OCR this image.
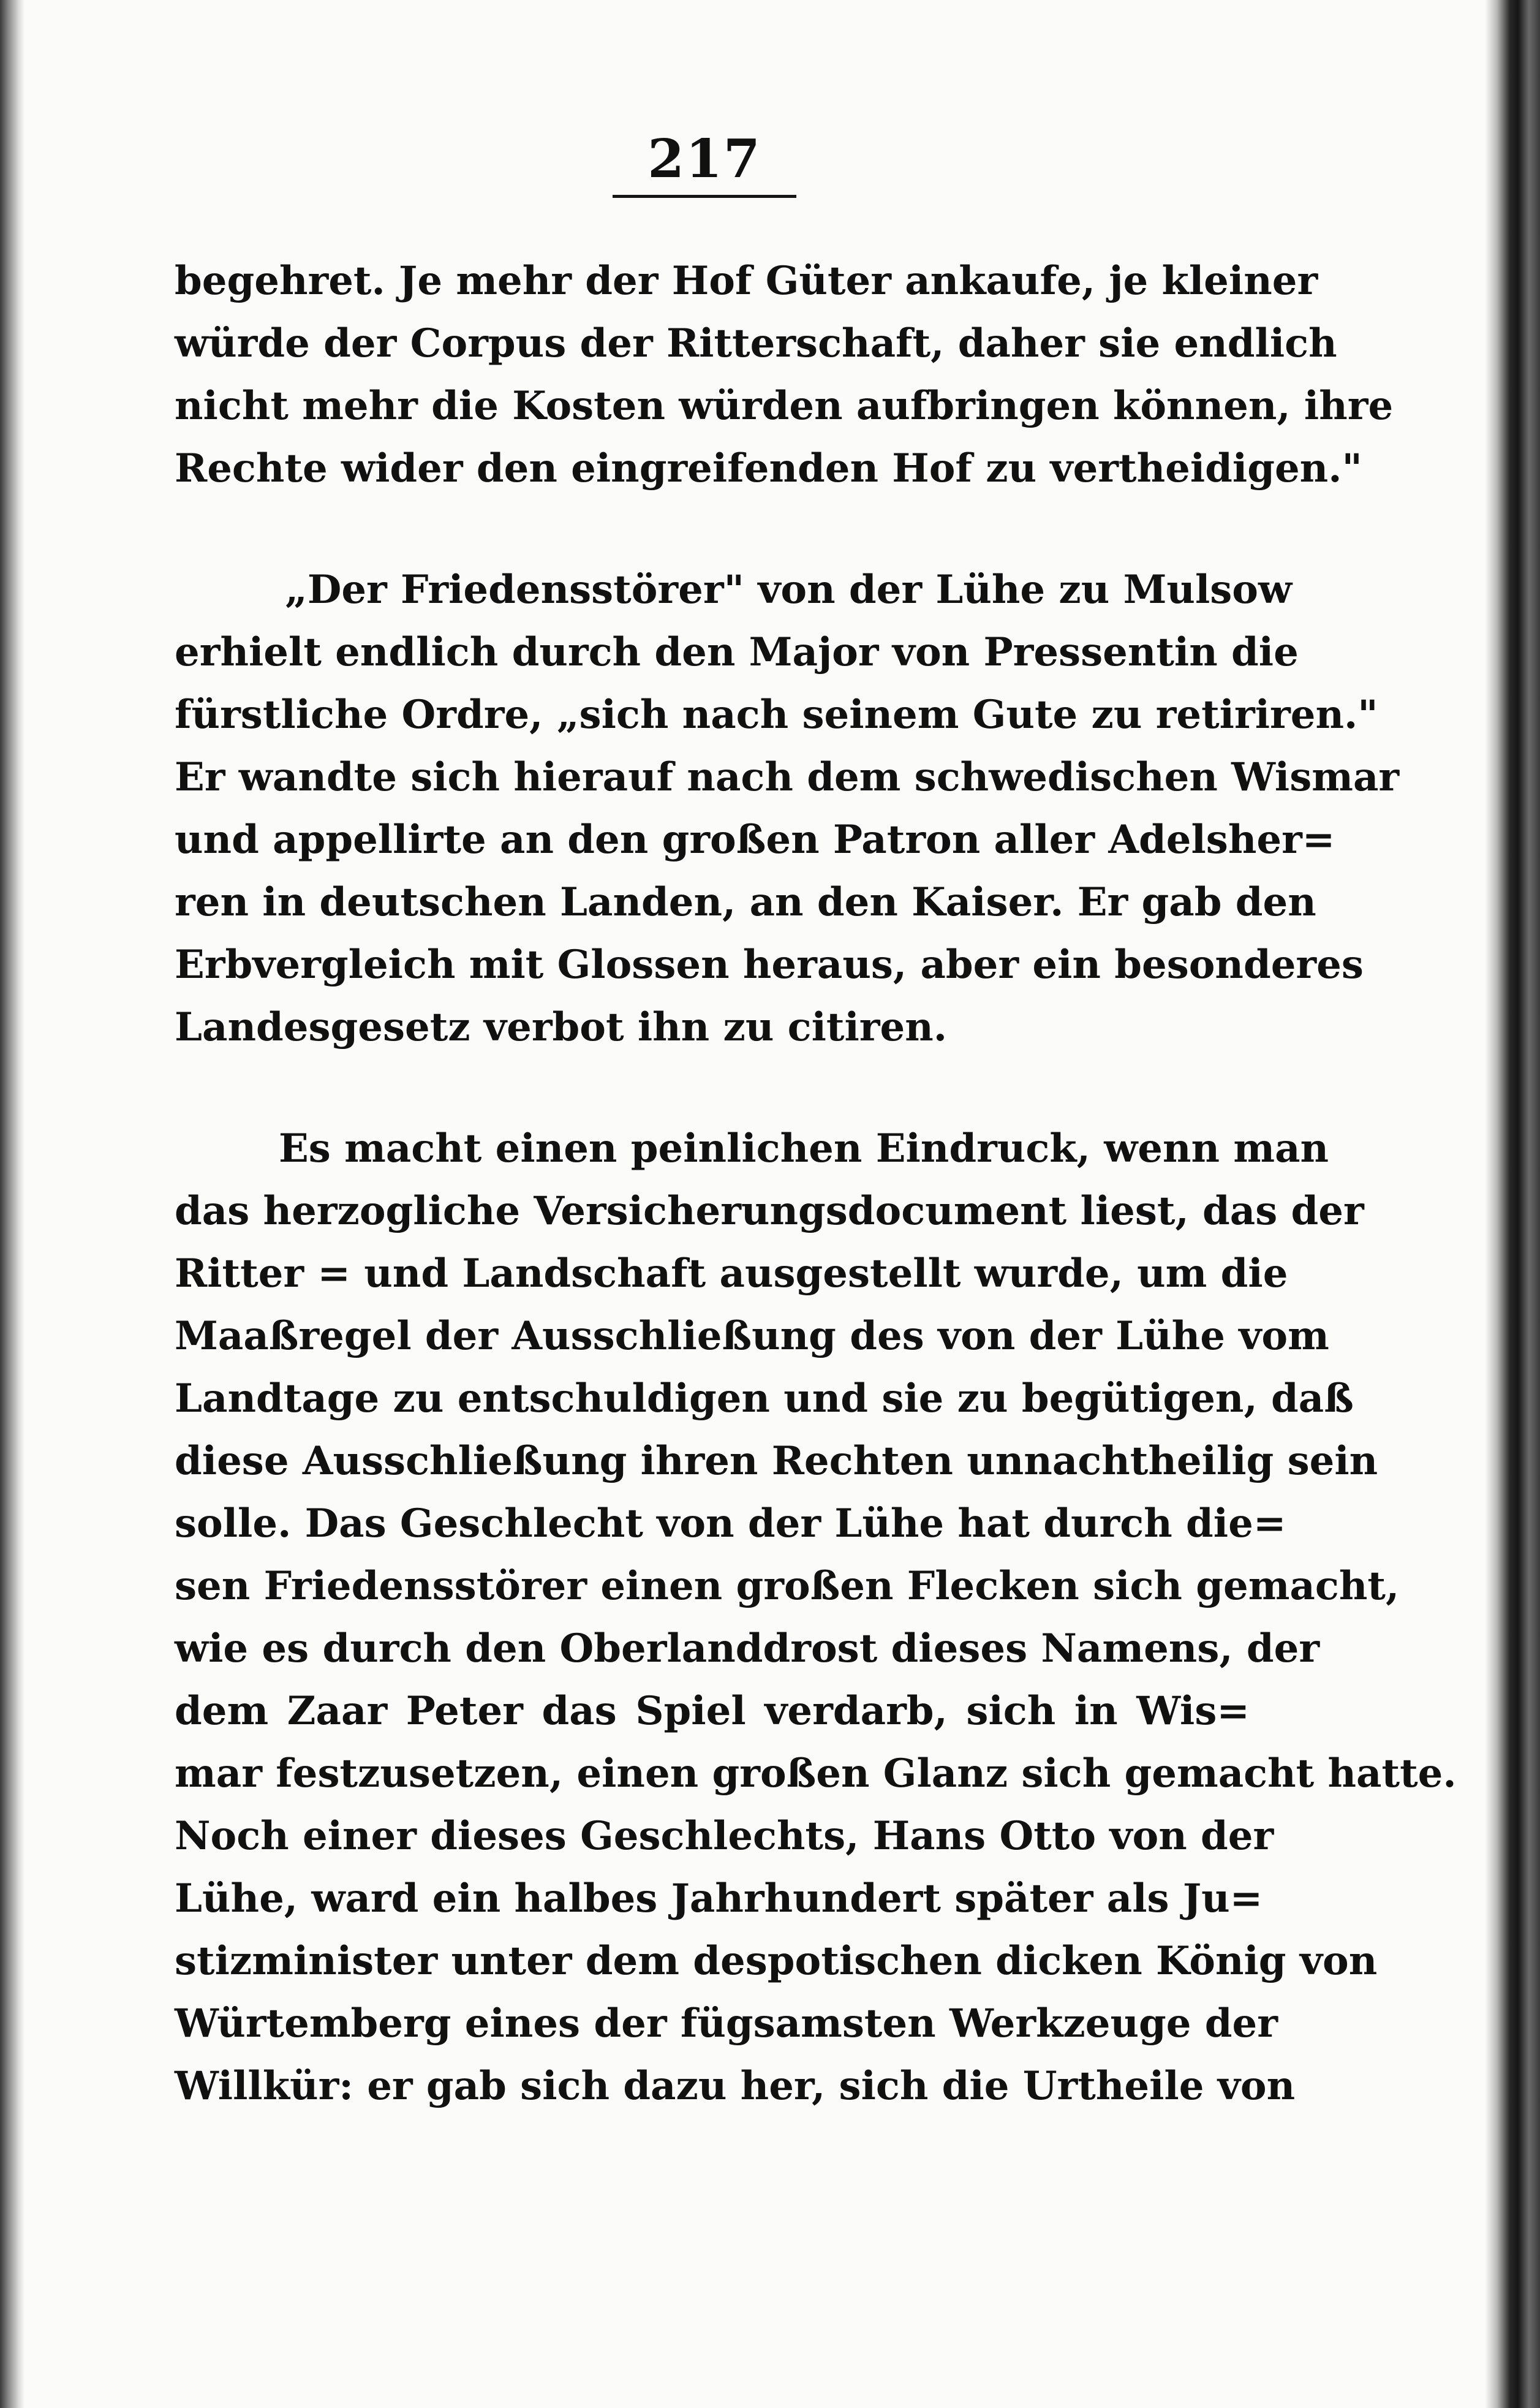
217

begehret. Je mehr der Hof Güter ankaufe, je kleiner
würde der Corpus der Ritterschaft, daher sie endlich
nicht mehr die Kosten würden aufbringen können, ihre
Rechte wider den eingreifenden Hof zu vertheidigen."

„Der Friedensstörer" von der Lühe zu Mulsow
erhielt endlich durch den Major von Pressentin die
fürstliche Ordre, „sich nach seinem Gute zu retiriren."
Er wandte sich hierauf nach dem schwedischen Wismar
und appellirte an den großen Patron aller Adelsher=
ren in deutschen Landen, an den Kaiser. Er gab den
Erbvergleich mit Glossen heraus, aber ein besonderes
Landesgesetz verbot ihn zu citiren.

Es macht einen peinlichen Eindruck, wenn man
das herzogliche Versicherungsdocument liest, das der
Ritter = und Landschaft ausgestellt wurde, um die
Maaßregel der Ausschließung des von der Lühe vom
Landtage zu entschuldigen und sie zu begütigen, daß
diese Ausschließung ihren Rechten unnachtheilig sein
solle. Das Geschlecht von der Lühe hat durch die=
sen Friedensstörer einen großen Flecken sich gemacht,
wie es durch den Oberlanddrost dieses Namens, der
dem Zaar Peter das Spiel verdarb, sich in Wis=
mar festzusetzen, einen großen Glanz sich gemacht hatte.
Noch einer dieses Geschlechts, Hans Otto von der
Lühe, ward ein halbes Jahrhundert später als Ju=
stizminister unter dem despotischen dicken König von
Würtemberg eines der fügsamsten Werkzeuge der
Willkür: er gab sich dazu her, sich die Urtheile von
